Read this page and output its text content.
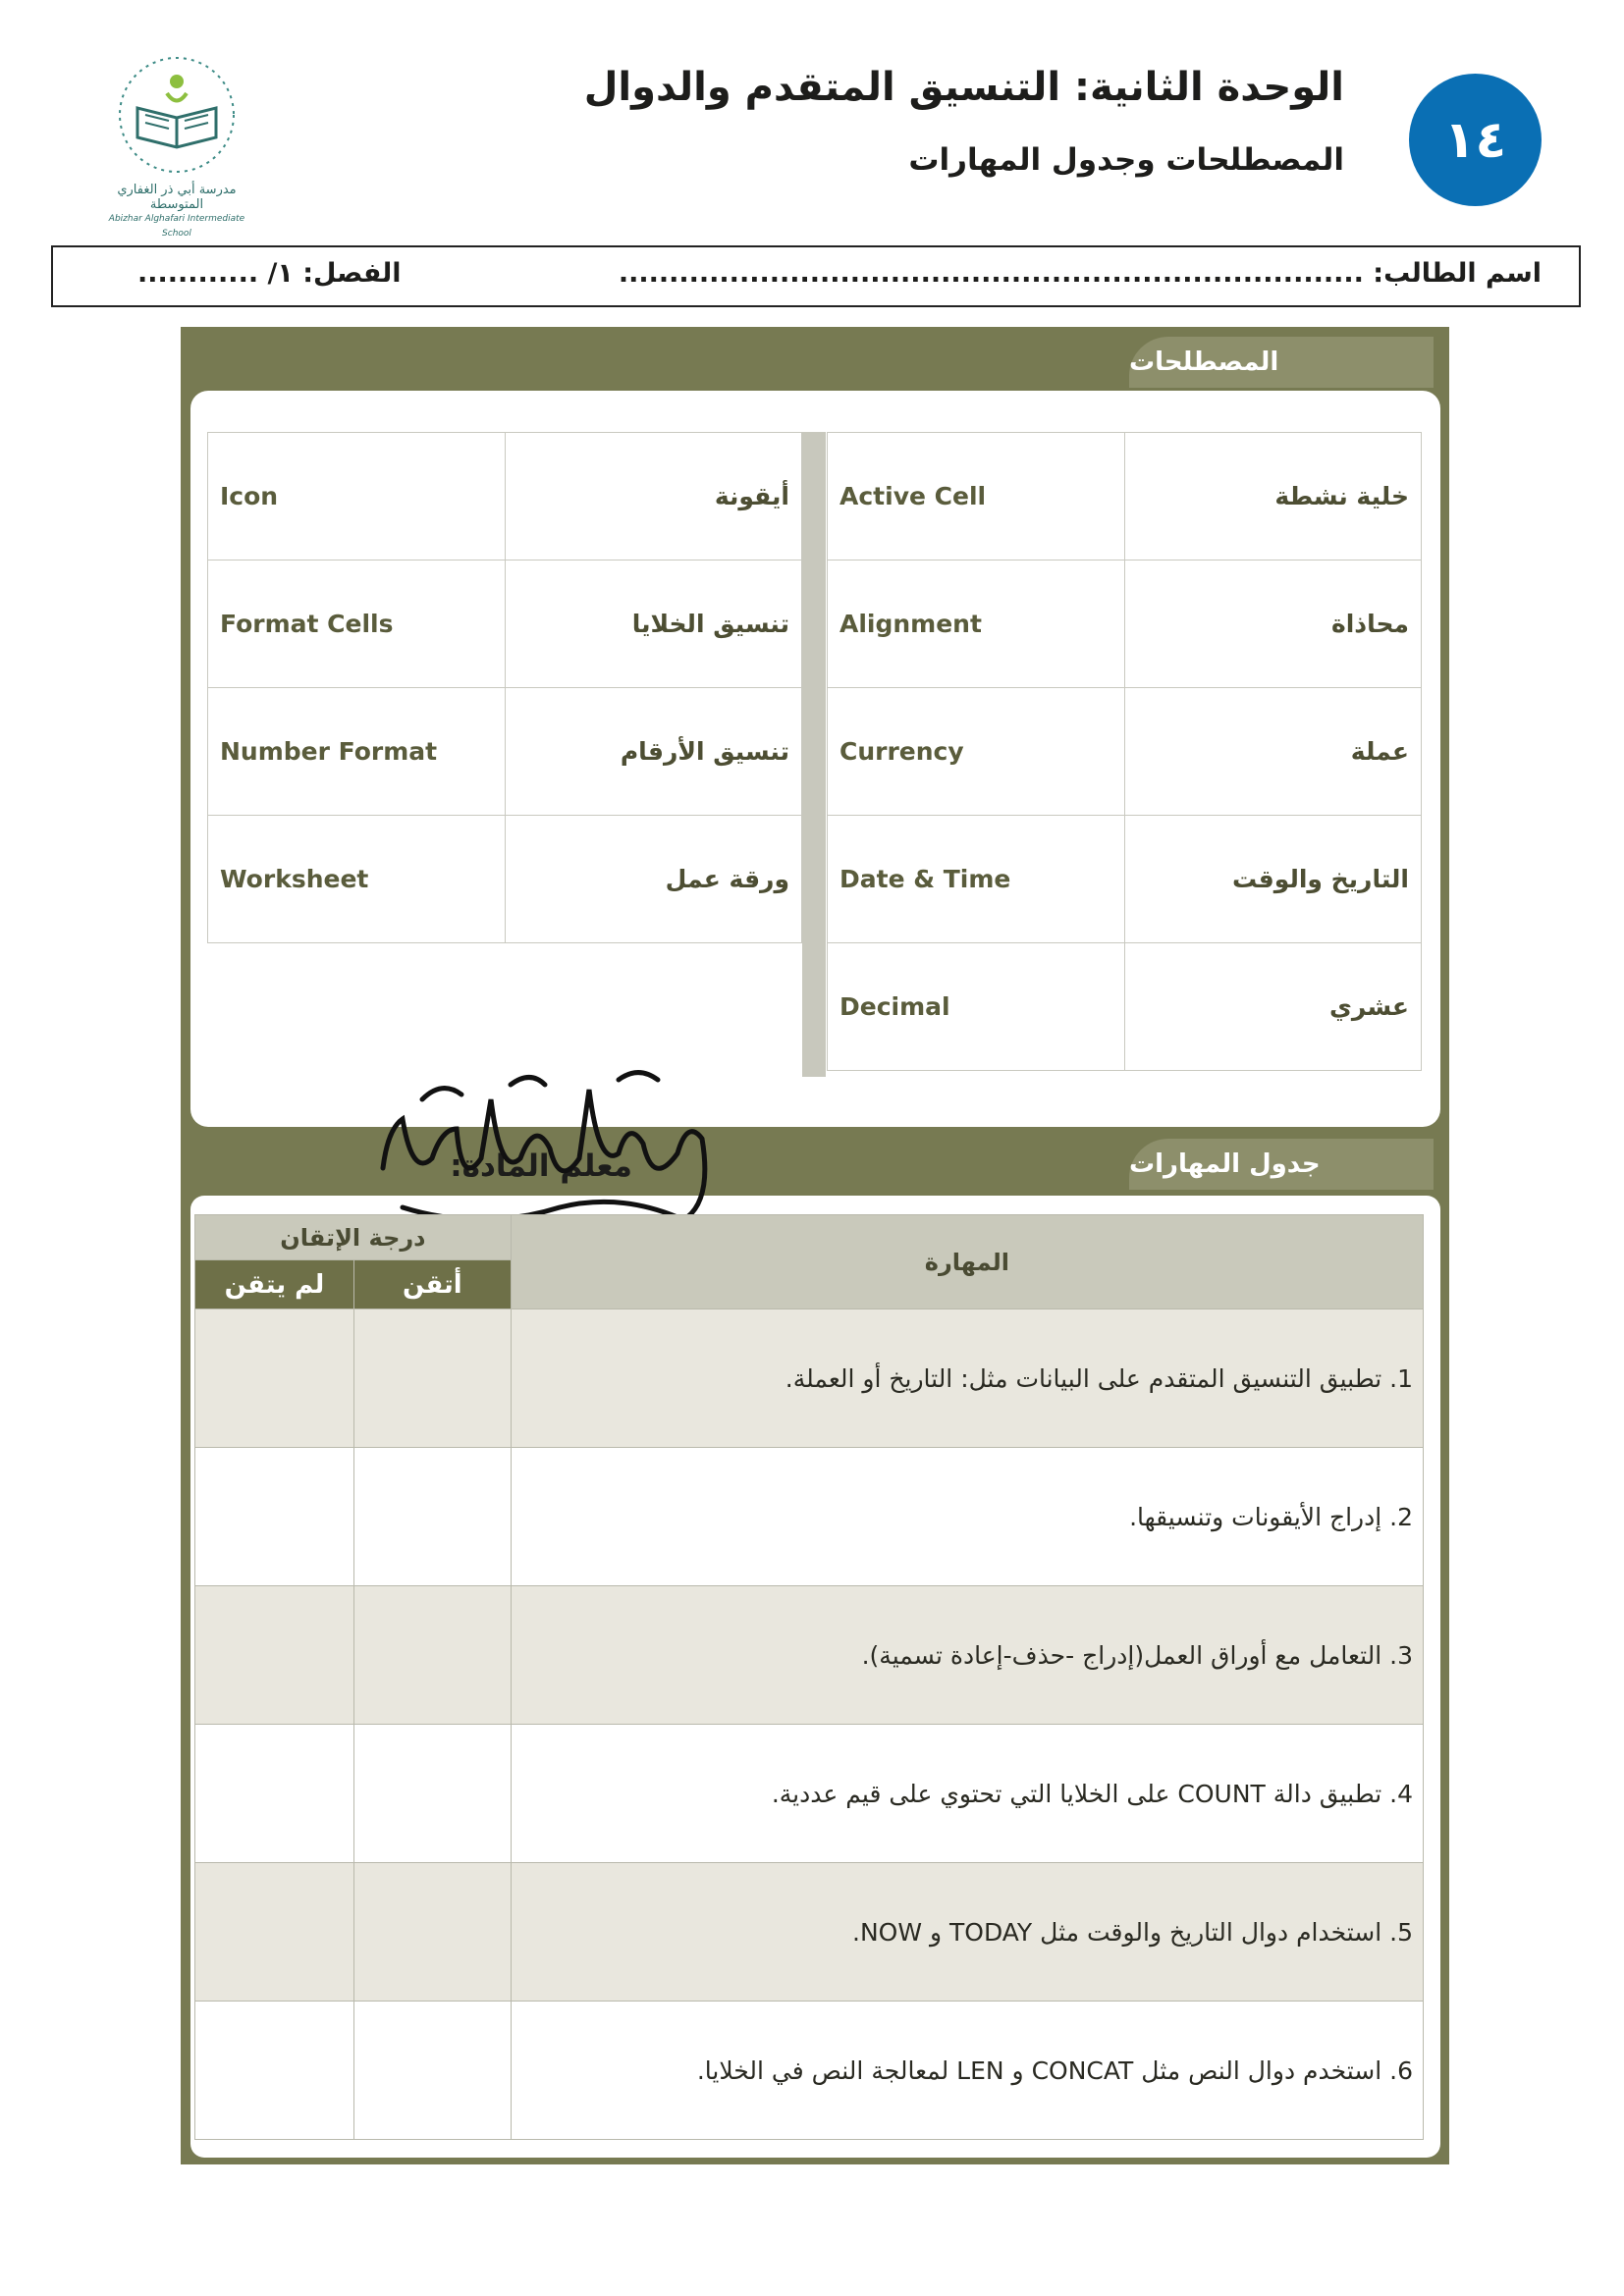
مدرسة أبي ذر الغفاري المتوسطة
Abizhar Alghafari Intermediate School
الوحدة الثانية: التنسيق المتقدم والدوال
المصطلحات وجدول المهارات	١٤
اسم الطالب: ..........................................................................
الفصل: ١/ ............
المصطلحات
Icon	أيقونة
Format Cells	تنسيق الخلايا
Number Format	تنسيق الأرقام
Worksheet	ورقة عمل
Active Cell	خلية نشطة
Alignment	محاذاة
Currency	عملة
Date & Time	التاريخ والوقت
Decimal	عشري
جدول المهارات
معلم المادة:
درجة الإتقان		المهارة
لم يتقن	أتقن	
		1. تطبيق التنسيق المتقدم على البيانات مثل: التاريخ أو العملة.
		2. إدراج الأيقونات وتنسيقها.
		3. التعامل مع أوراق العمل(إدراج -حذف-إعادة تسمية).
		4. تطبيق دالة COUNT على الخلايا التي تحتوي على قيم عددية.
		5. استخدام دوال التاريخ والوقت مثل TODAY و NOW.
		6. استخدم دوال النص مثل CONCAT و LEN لمعالجة النص في الخلايا.
